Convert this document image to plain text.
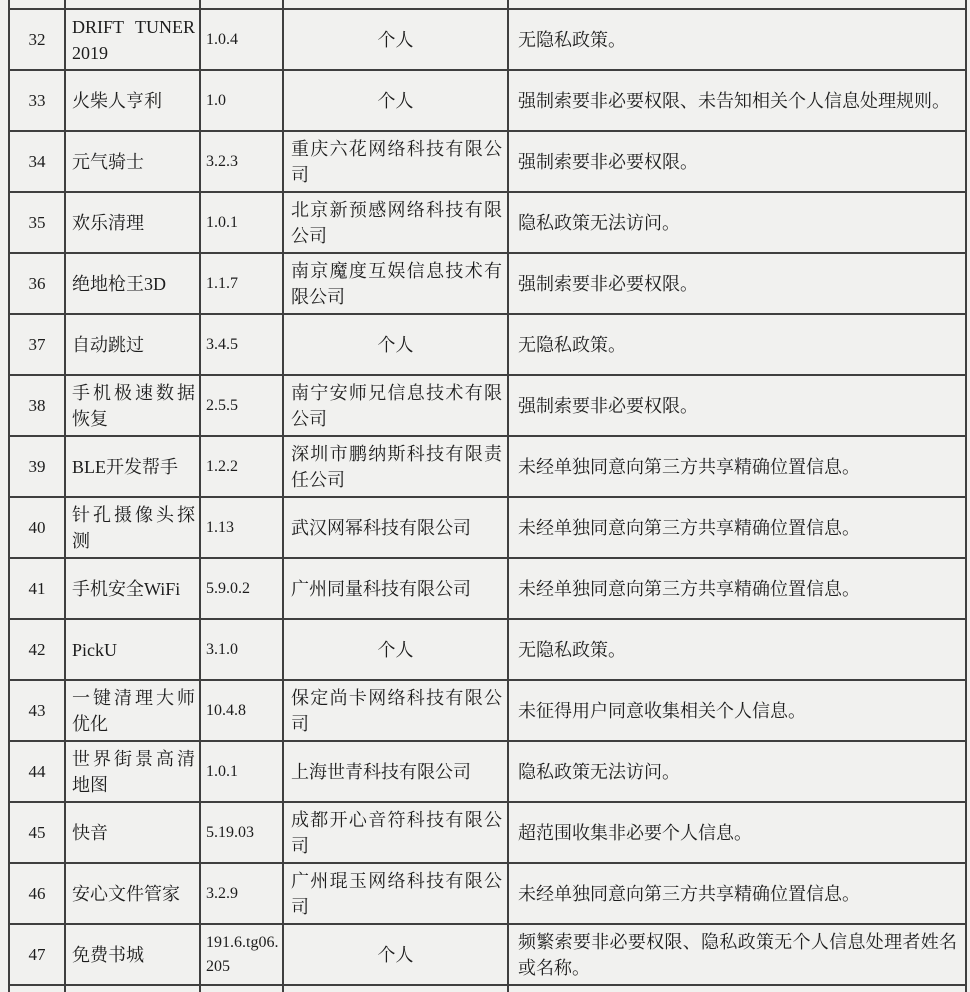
32	DRIFT TUNER 2019	1.0.4	个人	无隐私政策。
33	火柴人亨利	1.0	个人	强制索要非必要权限、未告知相关个人信息处理规则。
34	元气骑士	3.2.3	重庆六花网络科技有限公司	强制索要非必要权限。
35	欢乐清理	1.0.1	北京新预感网络科技有限公司	隐私政策无法访问。
36	绝地枪王3D	1.1.7	南京魔度互娱信息技术有限公司	强制索要非必要权限。
37	自动跳过	3.4.5	个人	无隐私政策。
38	手机极速数据恢复	2.5.5	南宁安师兄信息技术有限公司	强制索要非必要权限。
39	BLE开发帮手	1.2.2	深圳市鹏纳斯科技有限责任公司	未经单独同意向第三方共享精确位置信息。
40	针孔摄像头探测	1.13	武汉网幂科技有限公司	未经单独同意向第三方共享精确位置信息。
41	手机安全WiFi	5.9.0.2	广州同量科技有限公司	未经单独同意向第三方共享精确位置信息。
42	PickU	3.1.0	个人	无隐私政策。
43	一键清理大师优化	10.4.8	保定尚卡网络科技有限公司	未征得用户同意收集相关个人信息。
44	世界街景高清地图	1.0.1	上海世青科技有限公司	隐私政策无法访问。
45	快音	5.19.03	成都开心音符科技有限公司	超范围收集非必要个人信息。
46	安心文件管家	3.2.9	广州琨玉网络科技有限公司	未经单独同意向第三方共享精确位置信息。
47	免费书城	191.6.tg06.205	个人	频繁索要非必要权限、隐私政策无个人信息处理者姓名或名称。
